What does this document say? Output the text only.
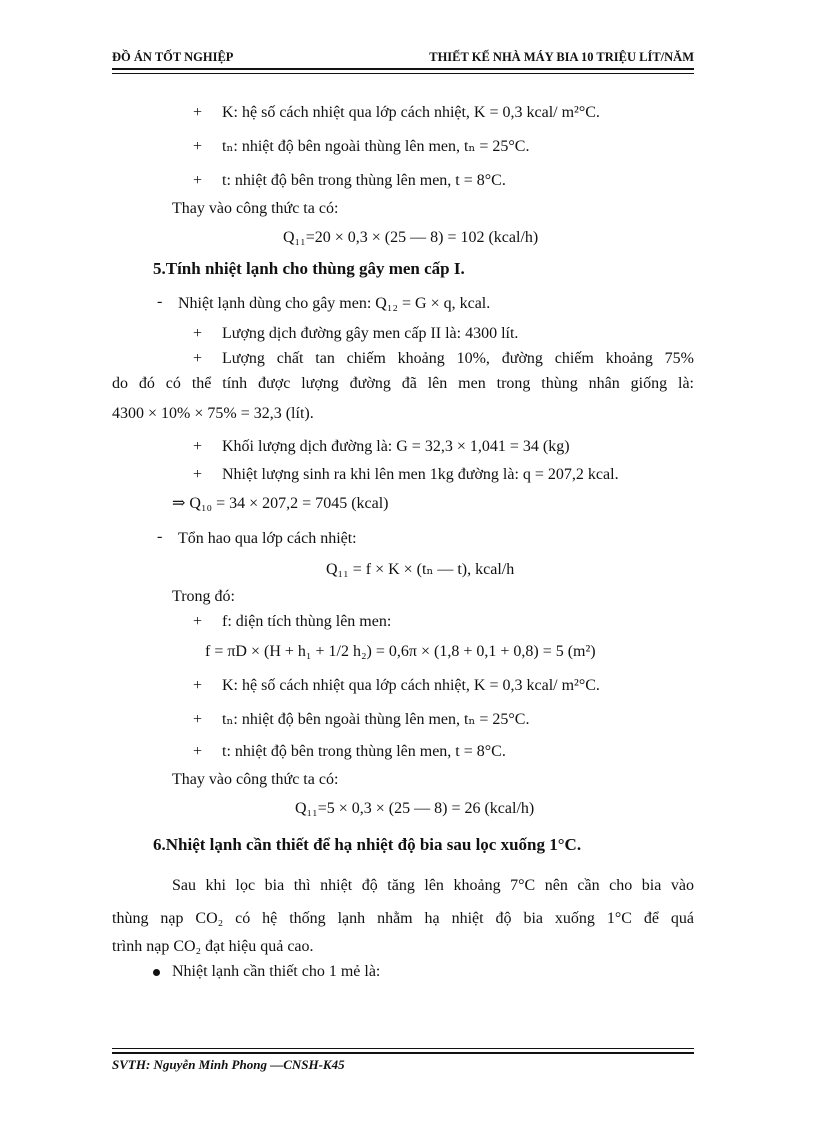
ĐỒ ÁN TỐT NGHIỆP	THIẾT KẾ NHÀ MÁY BIA 10 TRIỆU LÍT/NĂM
+
+
+
+
+
+
+
+
+
+
+
-
-
K: hệ số cách nhiệt qua lớp cách nhiệt, K = 0,3 kcal/ m²°C.
tₙ: nhiệt độ bên ngoài thùng lên men, tₙ = 25°C.
t: nhiệt độ bên trong thùng lên men, t = 8°C.
Thay vào công thức ta có:
Q₁₁=20 × 0,3 × (25 — 8) = 102 (kcal/h)
5.Tính nhiệt lạnh cho thùng gây men cấp I.
Nhiệt lạnh dùng cho gây men: Q₁₂ = G × q, kcal.
Lượng dịch đường gây men cấp II là: 4300 lít.
Lượng chất tan chiếm khoảng 10%, đường chiếm khoảng 75%
do đó có thể tính được lượng đường đã lên men trong thùng nhân giống là:
4300 × 10% × 75% = 32,3 (lít).
Khối lượng dịch đường là: G = 32,3 × 1,041 = 34 (kg)
Nhiệt lượng sinh ra khi lên men 1kg đường là: q = 207,2 kcal.
⇒ Q₁₀ = 34 × 207,2 = 7045 (kcal)
Tổn hao qua lớp cách nhiệt:
Q₁₁ = f × K × (tₙ — t), kcal/h
Trong đó:
f: diện tích thùng lên men:
f = πD × (H + h₁ + 1/2 h₂) = 0,6π × (1,8 + 0,1 + 0,8) = 5 (m²)
K: hệ số cách nhiệt qua lớp cách nhiệt, K = 0,3 kcal/ m²°C.
tₙ: nhiệt độ bên ngoài thùng lên men, tₙ = 25°C.
t: nhiệt độ bên trong thùng lên men, t = 8°C.
Thay vào công thức ta có:
Q₁₁=5 × 0,3 × (25 — 8) = 26 (kcal/h)
6.Nhiệt lạnh cần thiết để hạ nhiệt độ bia sau lọc xuống 1°C.
Sau khi lọc bia thì nhiệt độ tăng lên khoảng 7°C nên cần cho bia vào
thùng nạp CO₂ có hệ thống lạnh nhằm hạ nhiệt độ bia xuống 1°C để quá
trình nạp CO₂ đạt hiệu quả cao.
Nhiệt lạnh cần thiết cho 1 mẻ là:
SVTH: Nguyễn Minh Phong —CNSH-K45
